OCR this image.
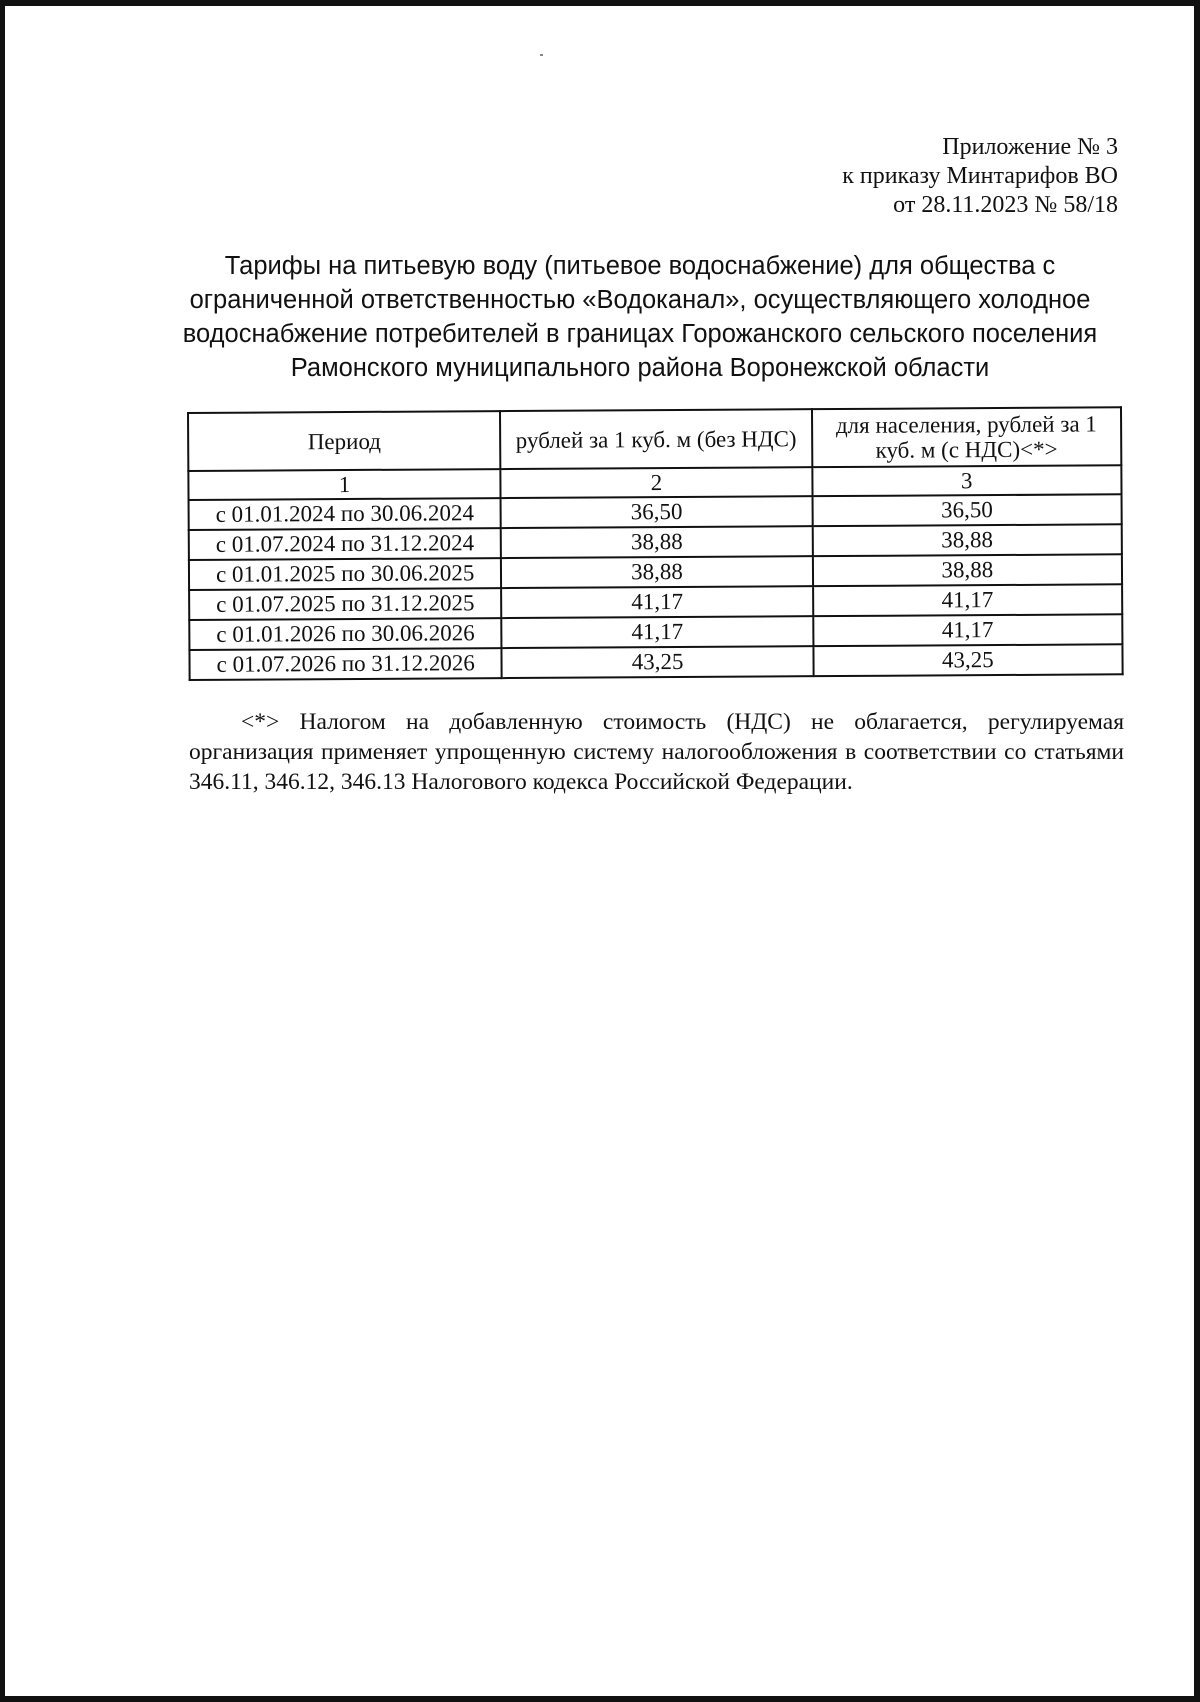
Приложение № 3
к приказу Минтарифов ВО
от 28.11.2023 № 58/18
Тарифы на питьевую воду (питьевое водоснабжение) для общества с
ограниченной ответственностью «Водоканал», осуществляющего холодное
водоснабжение потребителей в границах Горожанского сельского поселения
Рамонского муниципального района Воронежской области
Период	рублей за 1 куб. м (без НДС)	для населения, рублей за 1 куб. м (с НДС)<*>
1	2	3
с 01.01.2024 по 30.06.2024	36,50	36,50
с 01.07.2024 по 31.12.2024	38,88	38,88
с 01.01.2025 по 30.06.2025	38,88	38,88
с 01.07.2025 по 31.12.2025	41,17	41,17
с 01.01.2026 по 30.06.2026	41,17	41,17
с 01.07.2026 по 31.12.2026	43,25	43,25
<*> Налогом на добавленную стоимость (НДС) не облагается, регулируемая организация применяет упрощенную систему налогообложения в соответствии со статьями 346.11, 346.12, 346.13 Налогового кодекса Российской Федерации.
